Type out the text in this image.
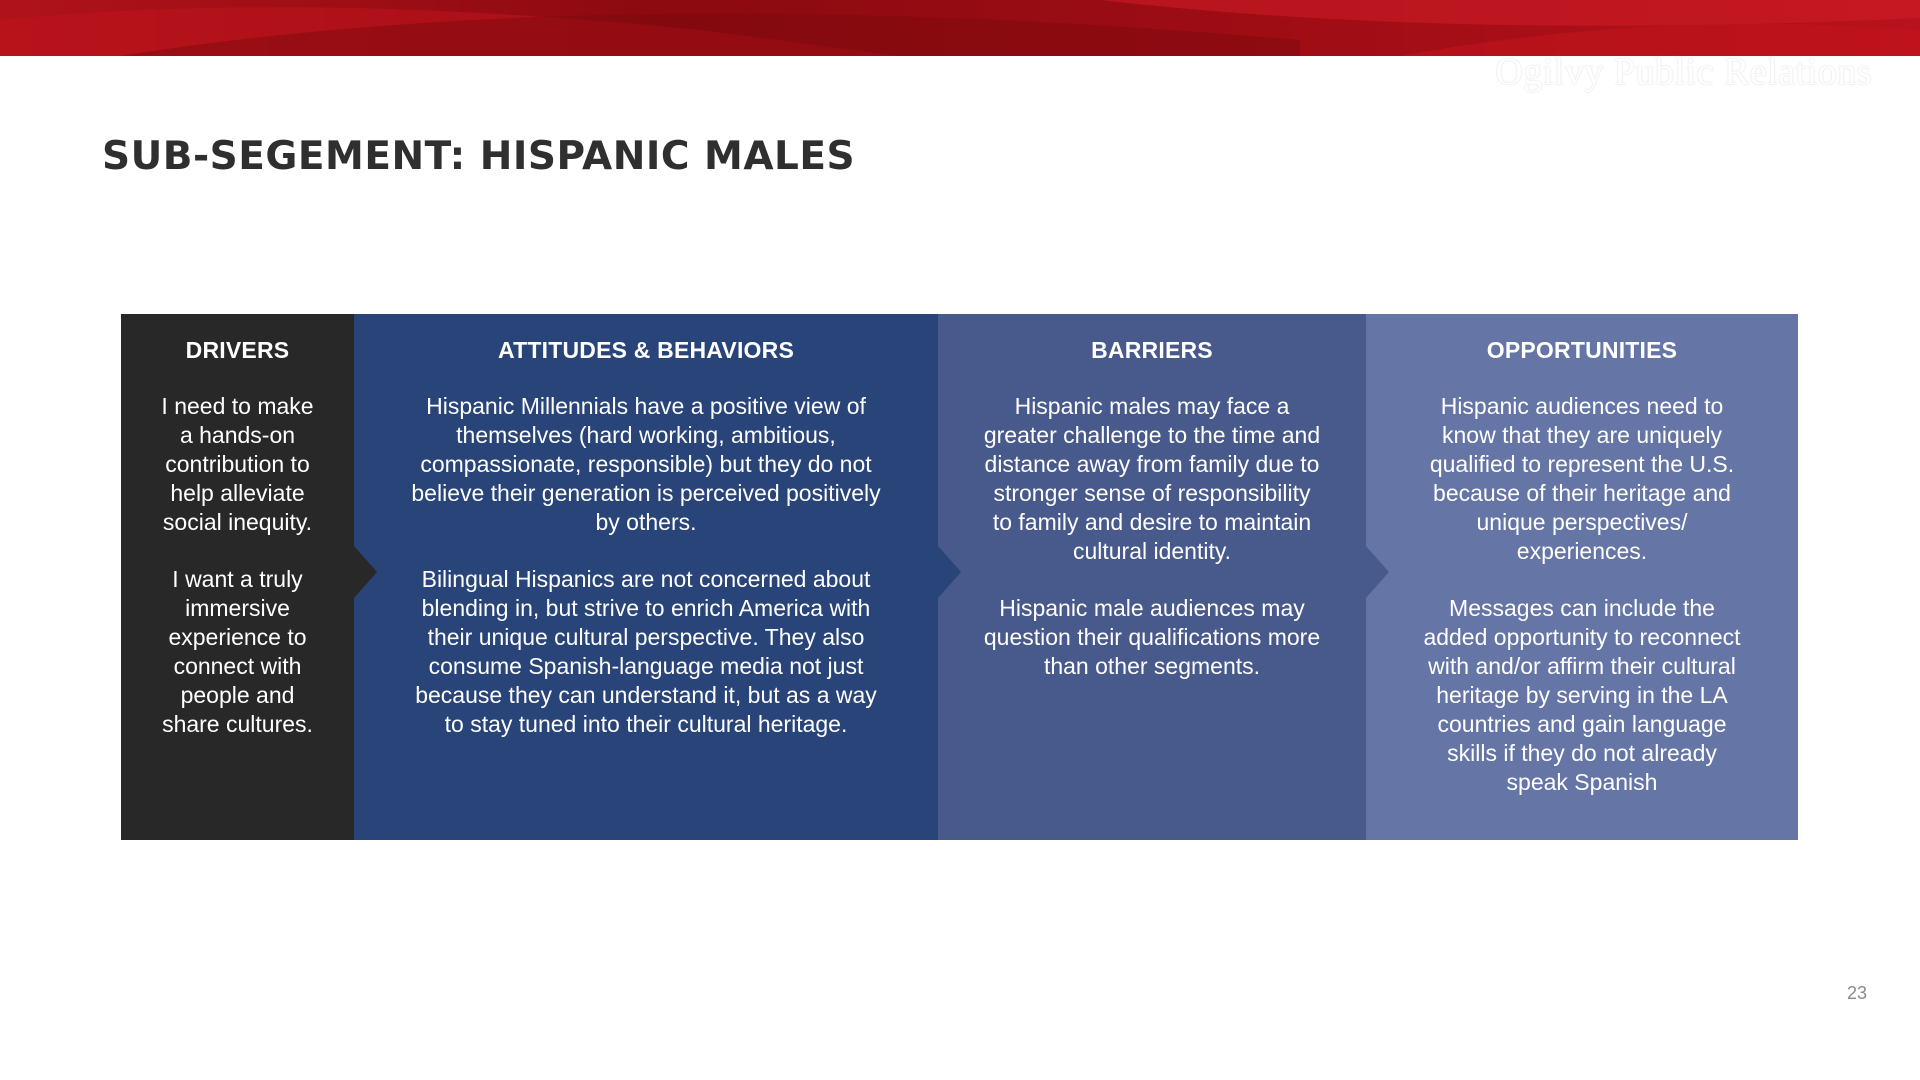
Ogilvy Public Relations
SUB-SEGEMENT: HISPANIC MALES
DRIVERS

I need to make
a hands-on
contribution to
help alleviate
social inequity.

I want a truly
immersive
experience to
connect with
people and
share cultures.

ATTITUDES & BEHAVIORS

Hispanic Millennials have a positive view of
themselves (hard working, ambitious,
compassionate, responsible) but they do not
believe their generation is perceived positively
by others.

Bilingual Hispanics are not concerned about
blending in, but strive to enrich America with
their unique cultural perspective. They also
consume Spanish-language media not just
because they can understand it, but as a way
to stay tuned into their cultural heritage.

BARRIERS

Hispanic males may face a
greater challenge to the time and
distance away from family due to
stronger sense of responsibility
to family and desire to maintain
cultural identity.

Hispanic male audiences may
question their qualifications more
than other segments.

OPPORTUNITIES

Hispanic audiences need to
know that they are uniquely
qualified to represent the U.S.
because of their heritage and
unique perspectives/
experiences.

Messages can include the
added opportunity to reconnect
with and/or affirm their cultural
heritage by serving in the LA
countries and gain language
skills if they do not already
speak Spanish

23
